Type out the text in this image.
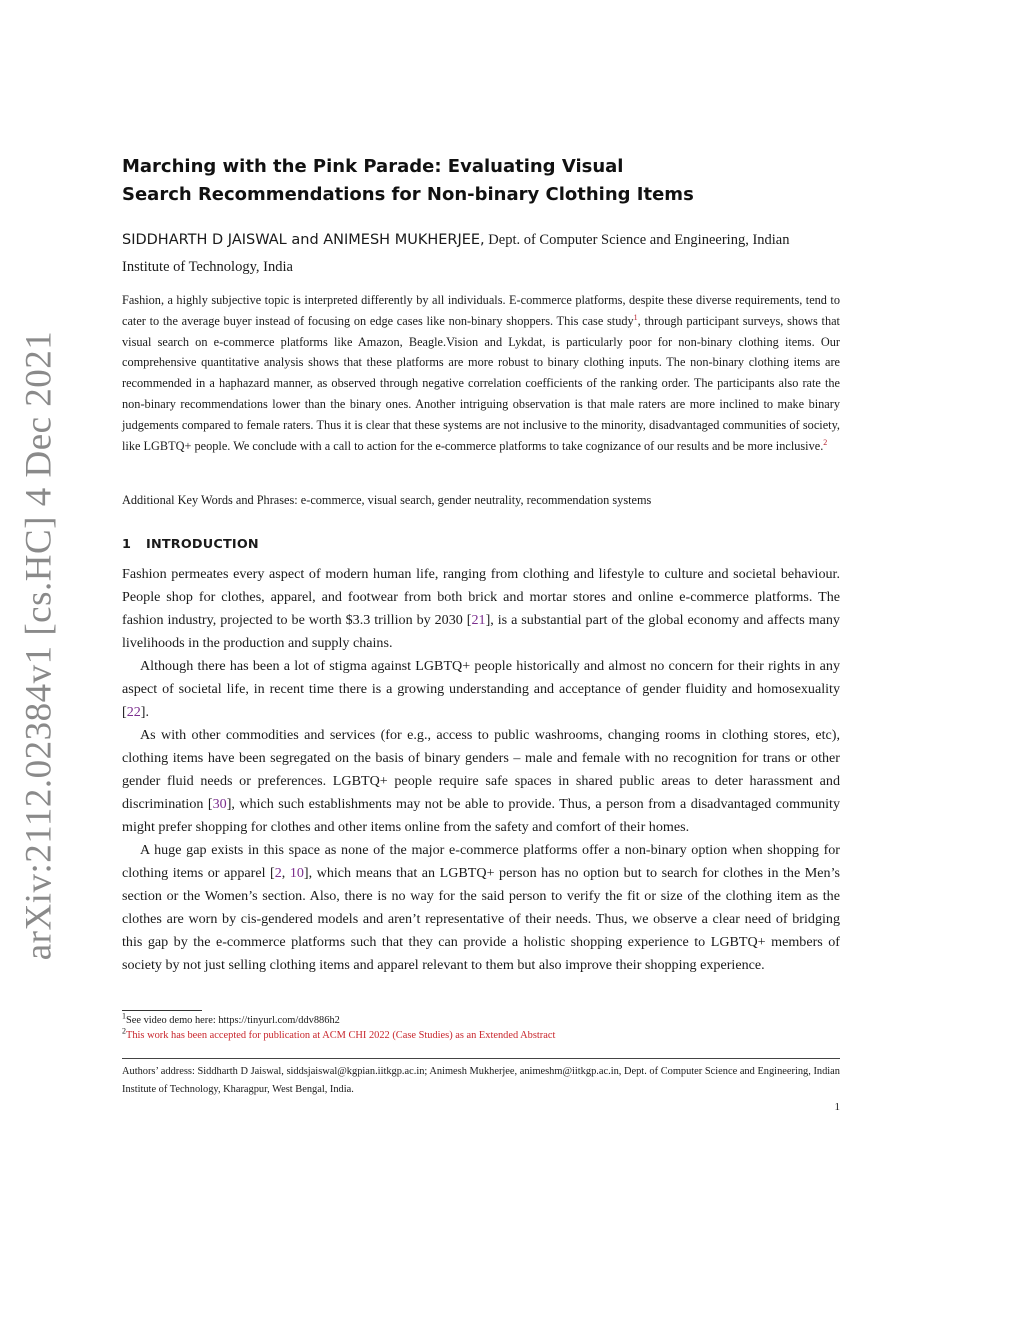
arXiv:2112.02384v1 [cs.HC] 4 Dec 2021
Marching with the Pink Parade: Evaluating Visual
Search Recommendations for Non-binary Clothing Items
SIDDHARTH D JAISWAL and ANIMESH MUKHERJEE, Dept. of Computer Science and Engineering, Indian Institute of Technology, India

Fashion, a highly subjective topic is interpreted differently by all individuals. E-commerce platforms, despite these diverse requirements, tend to cater to the average buyer instead of focusing on edge cases like non-binary shoppers. This case study$^1$, through participant surveys, shows that visual search on e-commerce platforms like Amazon, Beagle.Vision and Lykdat, is particularly poor for non-binary clothing items. Our comprehensive quantitative analysis shows that these platforms are more robust to binary clothing inputs. The non-binary clothing items are recommended in a haphazard manner, as observed through negative correlation coefficients of the ranking order. The participants also rate the non-binary recommendations lower than the binary ones. Another intriguing observation is that male raters are more inclined to make binary judgements compared to female raters. Thus it is clear that these systems are not inclusive to the minority, disadvantaged communities of society, like LGBTQ+ people. We conclude with a call to action for the e-commerce platforms to take cognizance of our results and be more inclusive.$^2$

Additional Key Words and Phrases: e-commerce, visual search, gender neutrality, recommendation systems

1 INTRODUCTION

Fashion permeates every aspect of modern human life, ranging from clothing and lifestyle to culture and societal behaviour. People shop for clothes, apparel, and footwear from both brick and mortar stores and online e-commerce platforms. The fashion industry, projected to be worth $3.3 trillion by 2030 [21], is a substantial part of the global economy and affects many livelihoods in the production and supply chains.

Although there has been a lot of stigma against LGBTQ+ people historically and almost no concern for their rights in any aspect of societal life, in recent time there is a growing understanding and acceptance of gender fluidity and homosexuality [22].

As with other commodities and services (for e.g., access to public washrooms, changing rooms in clothing stores, etc), clothing items have been segregated on the basis of binary genders – male and female with no recognition for trans or other gender fluid needs or preferences. LGBTQ+ people require safe spaces in shared public areas to deter harassment and discrimination [30], which such establishments may not be able to provide. Thus, a person from a disadvantaged community might prefer shopping for clothes and other items online from the safety and comfort of their homes.

A huge gap exists in this space as none of the major e-commerce platforms offer a non-binary option when shopping for clothing items or apparel [2, 10], which means that an LGBTQ+ person has no option but to search for clothes in the Men’s section or the Women’s section. Also, there is no way for the said person to verify the fit or size of the clothing item as the clothes are worn by cis-gendered models and aren’t representative of their needs. Thus, we observe a clear need of bridging this gap by the e-commerce platforms such that they can provide a holistic shopping experience to LGBTQ+ members of society by not just selling clothing items and apparel relevant to them but also improve their shopping experience.

$^1$See video demo here: https://tinyurl.com/ddv886h2
$^2$This work has been accepted for publication at ACM CHI 2022 (Case Studies) as an Extended Abstract
Authors’ address: Siddharth D Jaiswal, siddsjaiswal@kgpian.iitkgp.ac.in; Animesh Mukherjee, animeshm@iitkgp.ac.in, Dept. of Computer Science and Engineering, Indian Institute of Technology, Kharagpur, West Bengal, India.
1
